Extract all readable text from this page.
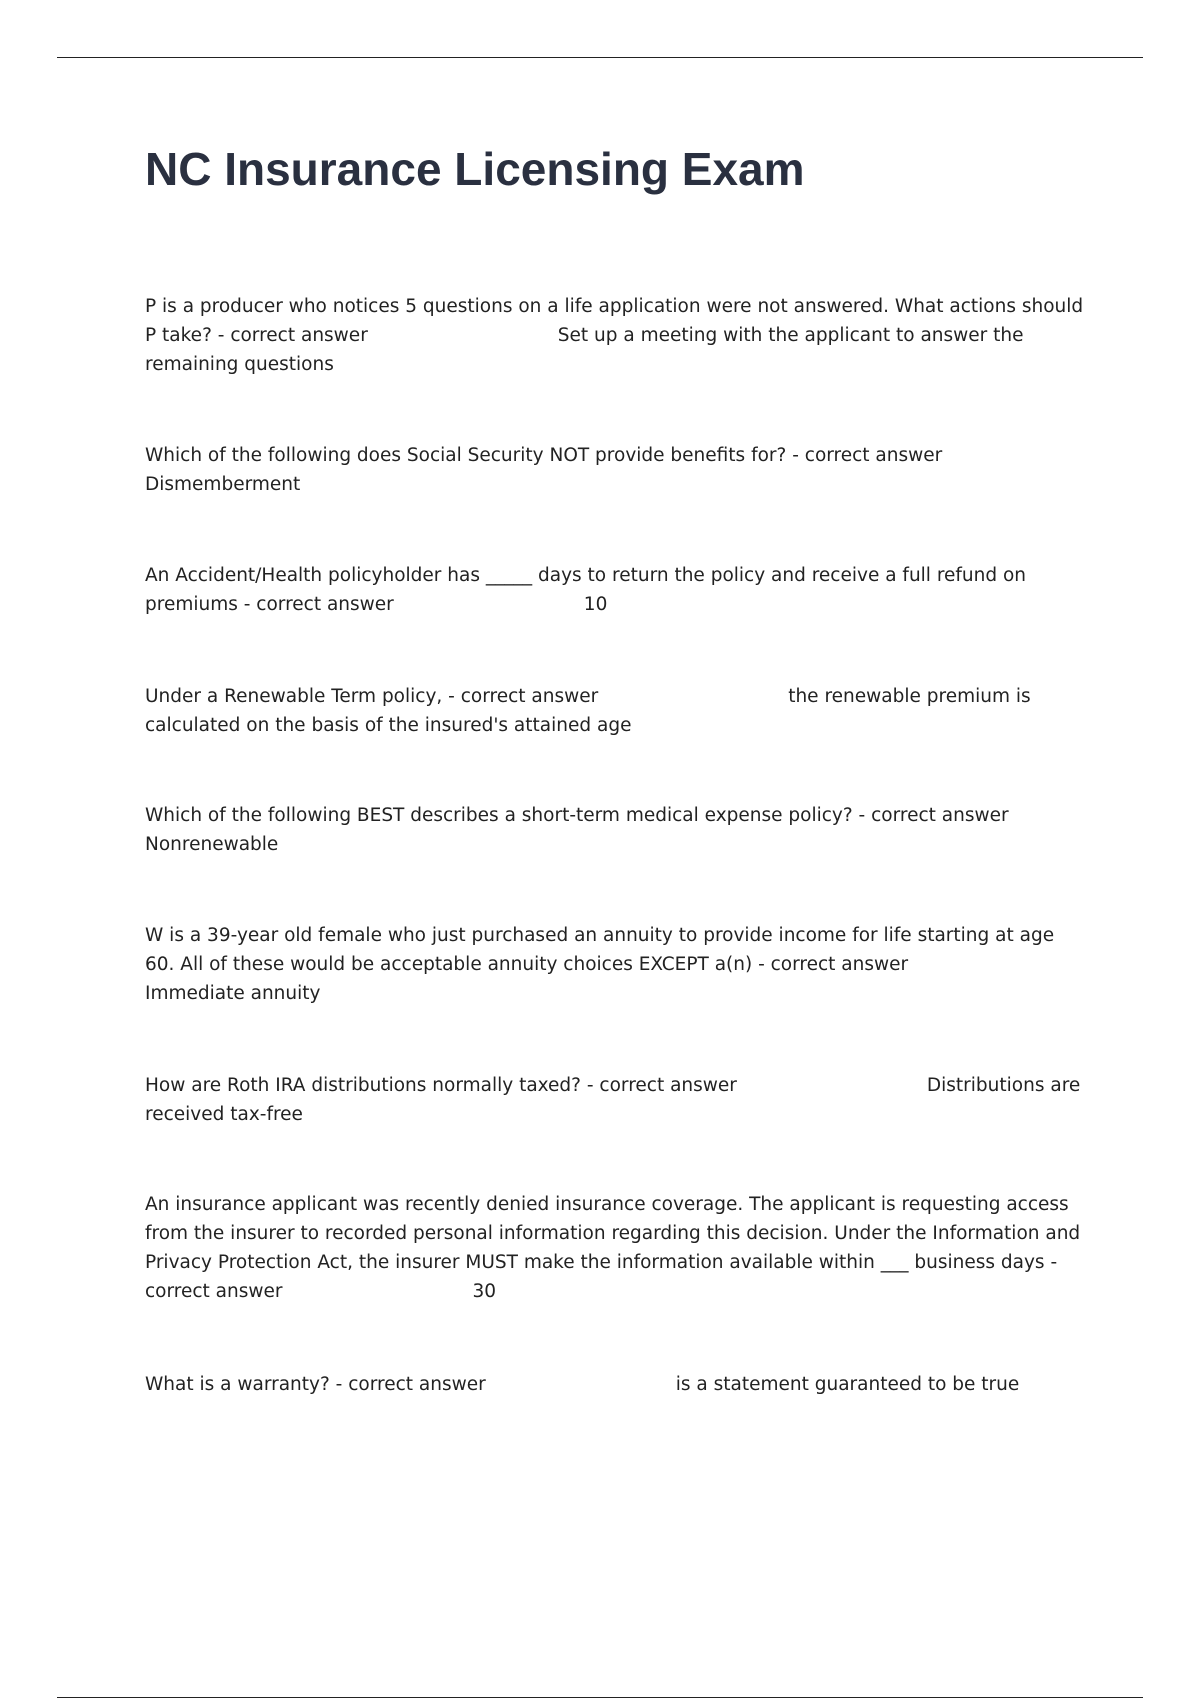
NC Insurance Licensing Exam

P is a producer who notices 5 questions on a life application were not answered. What actions should P take? - correct answer	Set up a meeting with the applicant to answer the remaining questions

Which of the following does Social Security NOT provide benefits for? - correct answer
Dismemberment

An Accident/Health policyholder has _____ days to return the policy and receive a full refund on premiums - correct answer	10

Under a Renewable Term policy, - correct answer	the renewable premium is calculated on the basis of the insured's attained age

Which of the following BEST describes a short-term medical expense policy? - correct answer
Nonrenewable

W is a 39-year old female who just purchased an annuity to provide income for life starting at age 60. All of these would be acceptable annuity choices EXCEPT a(n) - correct answer
Immediate annuity

How are Roth IRA distributions normally taxed? - correct answer	Distributions are received tax-free

An insurance applicant was recently denied insurance coverage. The applicant is requesting access from the insurer to recorded personal information regarding this decision. Under the Information and Privacy Protection Act, the insurer MUST make the information available within ___ business days - correct answer	30

What is a warranty? - correct answer	is a statement guaranteed to be true
